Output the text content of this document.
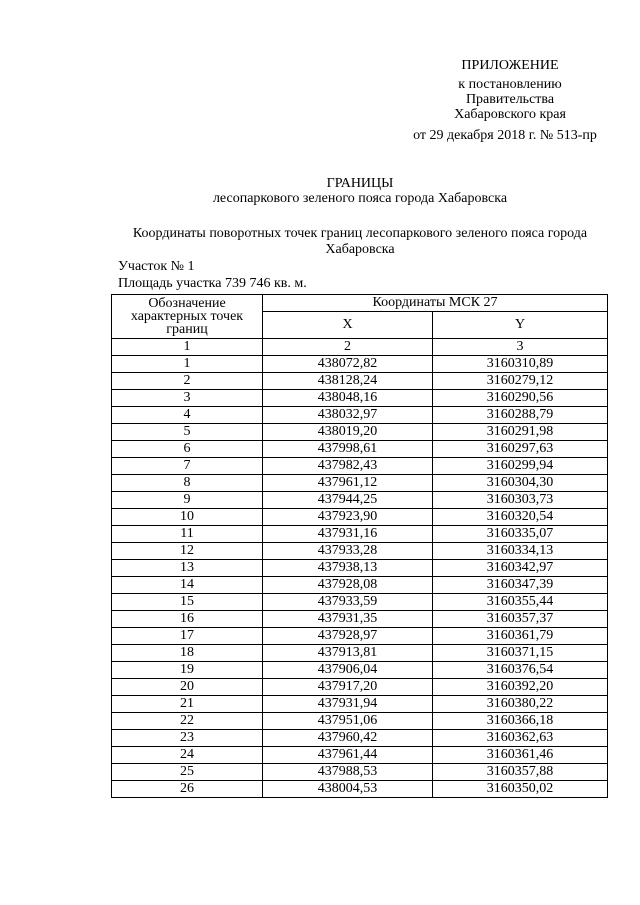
ПРИЛОЖЕНИЕ
к постановлению
Правительства
Хабаровского края
от 29 декабря 2018 г. № 513-пр
ГРАНИЦЫ
лесопаркового зеленого пояса города Хабаровска
Координаты поворотных точек границ лесопаркового зеленого пояса города Хабаровска
Участок № 1
Площадь участка 739 746 кв. м.
Обозначение характерных точек границ	Координаты МСК 27	
	X	Y
1	2	3
1	438072,82	3160310,89
2	438128,24	3160279,12
3	438048,16	3160290,56
4	438032,97	3160288,79
5	438019,20	3160291,98
6	437998,61	3160297,63
7	437982,43	3160299,94
8	437961,12	3160304,30
9	437944,25	3160303,73
10	437923,90	3160320,54
11	437931,16	3160335,07
12	437933,28	3160334,13
13	437938,13	3160342,97
14	437928,08	3160347,39
15	437933,59	3160355,44
16	437931,35	3160357,37
17	437928,97	3160361,79
18	437913,81	3160371,15
19	437906,04	3160376,54
20	437917,20	3160392,20
21	437931,94	3160380,22
22	437951,06	3160366,18
23	437960,42	3160362,63
24	437961,44	3160361,46
25	437988,53	3160357,88
26	438004,53	3160350,02
